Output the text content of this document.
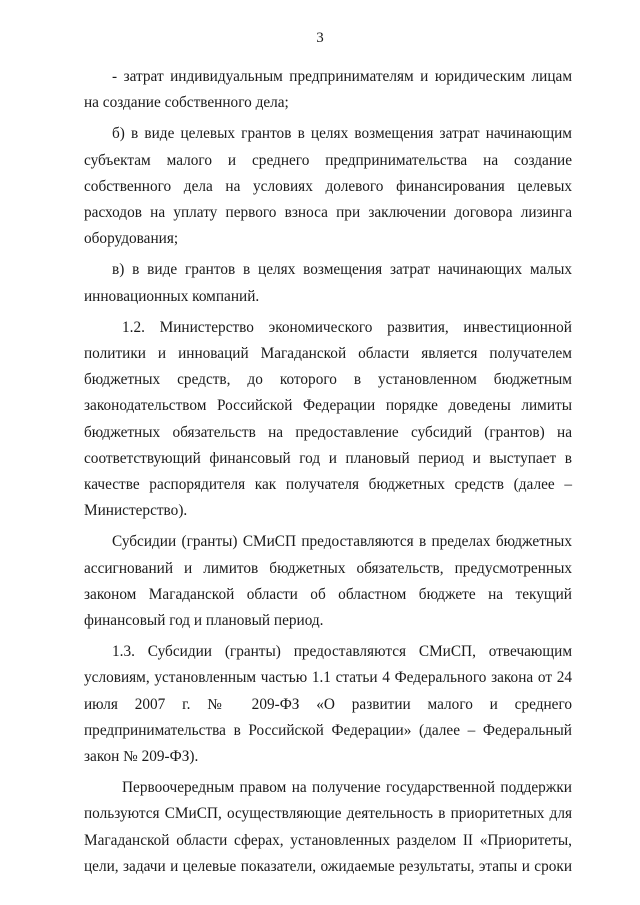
3

- затрат индивидуальным предпринимателям и юридическим лицам на создание собственного дела;

б) в виде целевых грантов в целях возмещения затрат начинающим субъектам малого и среднего предпринимательства на создание собственного дела на условиях долевого финансирования целевых расходов на уплату первого взноса при заключении договора лизинга оборудования;

в) в виде грантов в целях возмещения затрат начинающих малых инновационных компаний.

1.2. Министерство экономического развития, инвестиционной политики и инноваций Магаданской области является получателем бюджетных средств, до которого в установленном бюджетным законодательством Российской Федерации порядке доведены лимиты бюджетных обязательств на предоставление субсидий (грантов) на соответствующий финансовый год и плановый период и выступает в качестве распорядителя как получателя бюджетных средств (далее – Министерство).

Субсидии (гранты) СМиСП предоставляются в пределах бюджетных ассигнований и лимитов бюджетных обязательств, предусмотренных законом Магаданской области об областном бюджете на текущий финансовый год и плановый период.

1.3. Субсидии (гранты) предоставляются СМиСП, отвечающим условиям, установленным частью 1.1 статьи 4 Федерального закона от 24 июля 2007 г. № 209-ФЗ «О развитии малого и среднего предпринимательства в Российской Федерации» (далее – Федеральный закон № 209-ФЗ).

Первоочередным правом на получение государственной поддержки пользуются СМиСП, осуществляющие деятельность в приоритетных для Магаданской области сферах, установленных разделом II «Приоритеты, цели, задачи и целевые показатели, ожидаемые результаты, этапы и сроки
